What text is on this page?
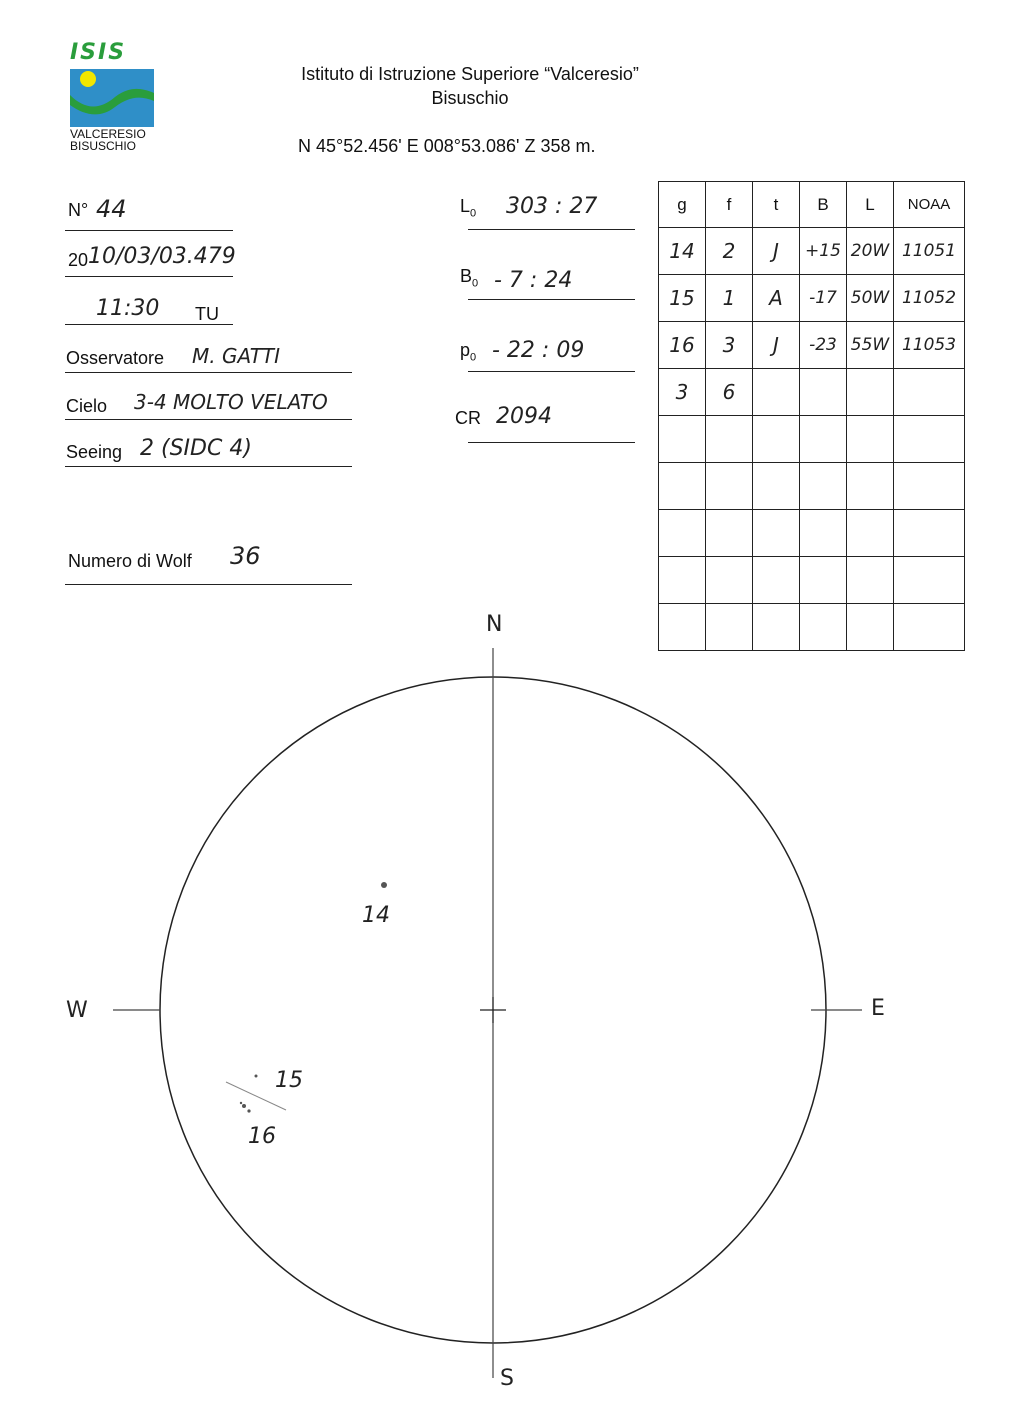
ISIS
VALCERESIO
BISUSCHIO
Istituto di Istruzione Superiore “Valceresio”
Bisuschio
N 45°52.456' E 008°53.086' Z 358 m.
N° 44
20 10/03/03.479
11:30 TU
Osservatore M. GATTI
Cielo 3-4 MOLTO VELATO
Seeing 2 (SIDC 4)
Numero di Wolf 36
$L_0$ 303 : 27
$B_0 - 7$ : 24
$p_0 - 22$ : 09
CR 2094
g	f	t	B	L	NOAA
14	2	J	+15	20W	11051
15	1	A	-17	50W	11052
16	3	J	-23	55W	11053
3	6				

N
S
E
W
14
15
16
